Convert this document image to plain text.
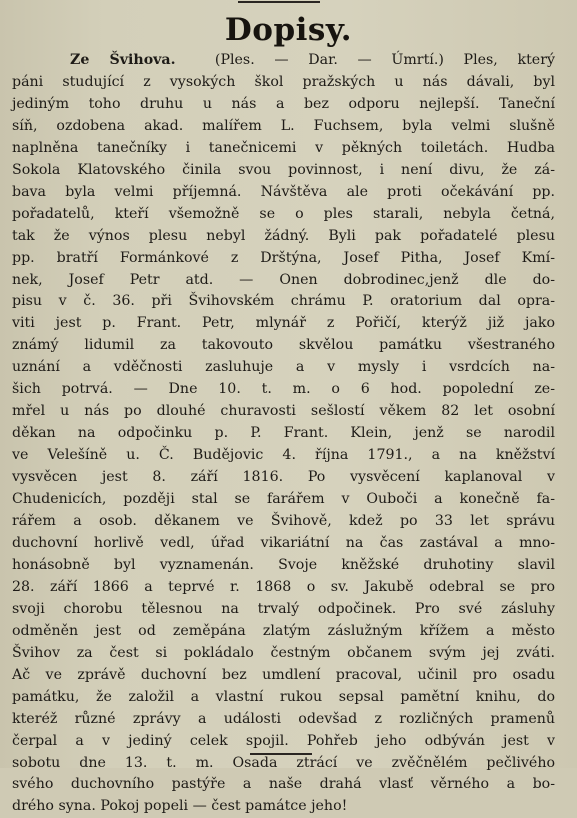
Dopisy.
Ze Švihova.	(Ples. — Dar. — Úmrtí.) Ples, který
páni studující z vysokých škol pražských u nás dávali, byl
jediným toho druhu u nás a bez odporu nejlepší. Taneční
síň, ozdobena akad. malířem L. Fuchsem, byla velmi slušně
naplněna tanečníky i tanečnicemi v pěkných toiletách. Hudba
Sokola Klatovského činila svou povinnost, i není divu, že zá-
bava byla velmi příjemná. Návštěva ale proti očekávání pp.
pořadatelů, kteří všemožně se o ples starali, nebyla četná,
tak že výnos plesu nebyl žádný. Byli pak pořadatelé plesu
pp. bratří Formánkové z Drštýna, Josef Pitha, Josef Kmí-
nek, Josef Petr atd. — Onen dobrodinec,jenž dle do-
pisu v č. 36. při Švihovském chrámu P. oratorium dal opra-
viti jest p. Frant. Petr, mlynář z Pořičí, kterýž již jako
známý lidumil za takovouto skvělou památku všestraného
uznání a vděčnosti zasluhuje a v mysly i vsrdcích na-
šich potrvá. — Dne 10. t. m. o 6 hod. popolední ze-
mřel u nás po dlouhé churavosti sešlostí věkem 82 let osobní
děkan na odpočinku p. P. Frant. Klein, jenž se narodil
ve Velešíně u. Č. Budějovic 4. října 1791., a na kněžství
vysvěcen jest 8. září 1816. Po vysvěcení kaplanoval v
Chudenicích, později stal se farářem v Ouboči a konečně fa-
rářem a osob. děkanem ve Švihově, kdež po 33 let správu
duchovní horlivě vedl, úřad vikariátní na čas zastával a mno-
honásobně byl vyznamenán. Svoje kněžské druhotiny slavil
28. září 1866 a teprvé r. 1868 o sv. Jakubě odebral se pro
svoji chorobu tělesnou na trvalý odpočinek. Pro své zásluhy
odměněn jest od zeměpána zlatým záslužným křížem a město
Švihov za čest si pokládalo čestným občanem svým jej zváti.
Ač ve zprávě duchovní bez umdlení pracoval, učinil pro osadu
památku, že založil a vlastní rukou sepsal pamětní knihu, do
kteréž různé zprávy a události odevšad z rozličných pramenů
čerpal a v jediný celek spojil. Pohřeb jeho odbýván jest v
sobotu dne 13. t. m. Osada ztrácí ve zvěčnělém pečlivého
svého duchovního pastýře a naše drahá vlasť věrného a bo-
drého syna. Pokoj popeli — čest památce jeho!
